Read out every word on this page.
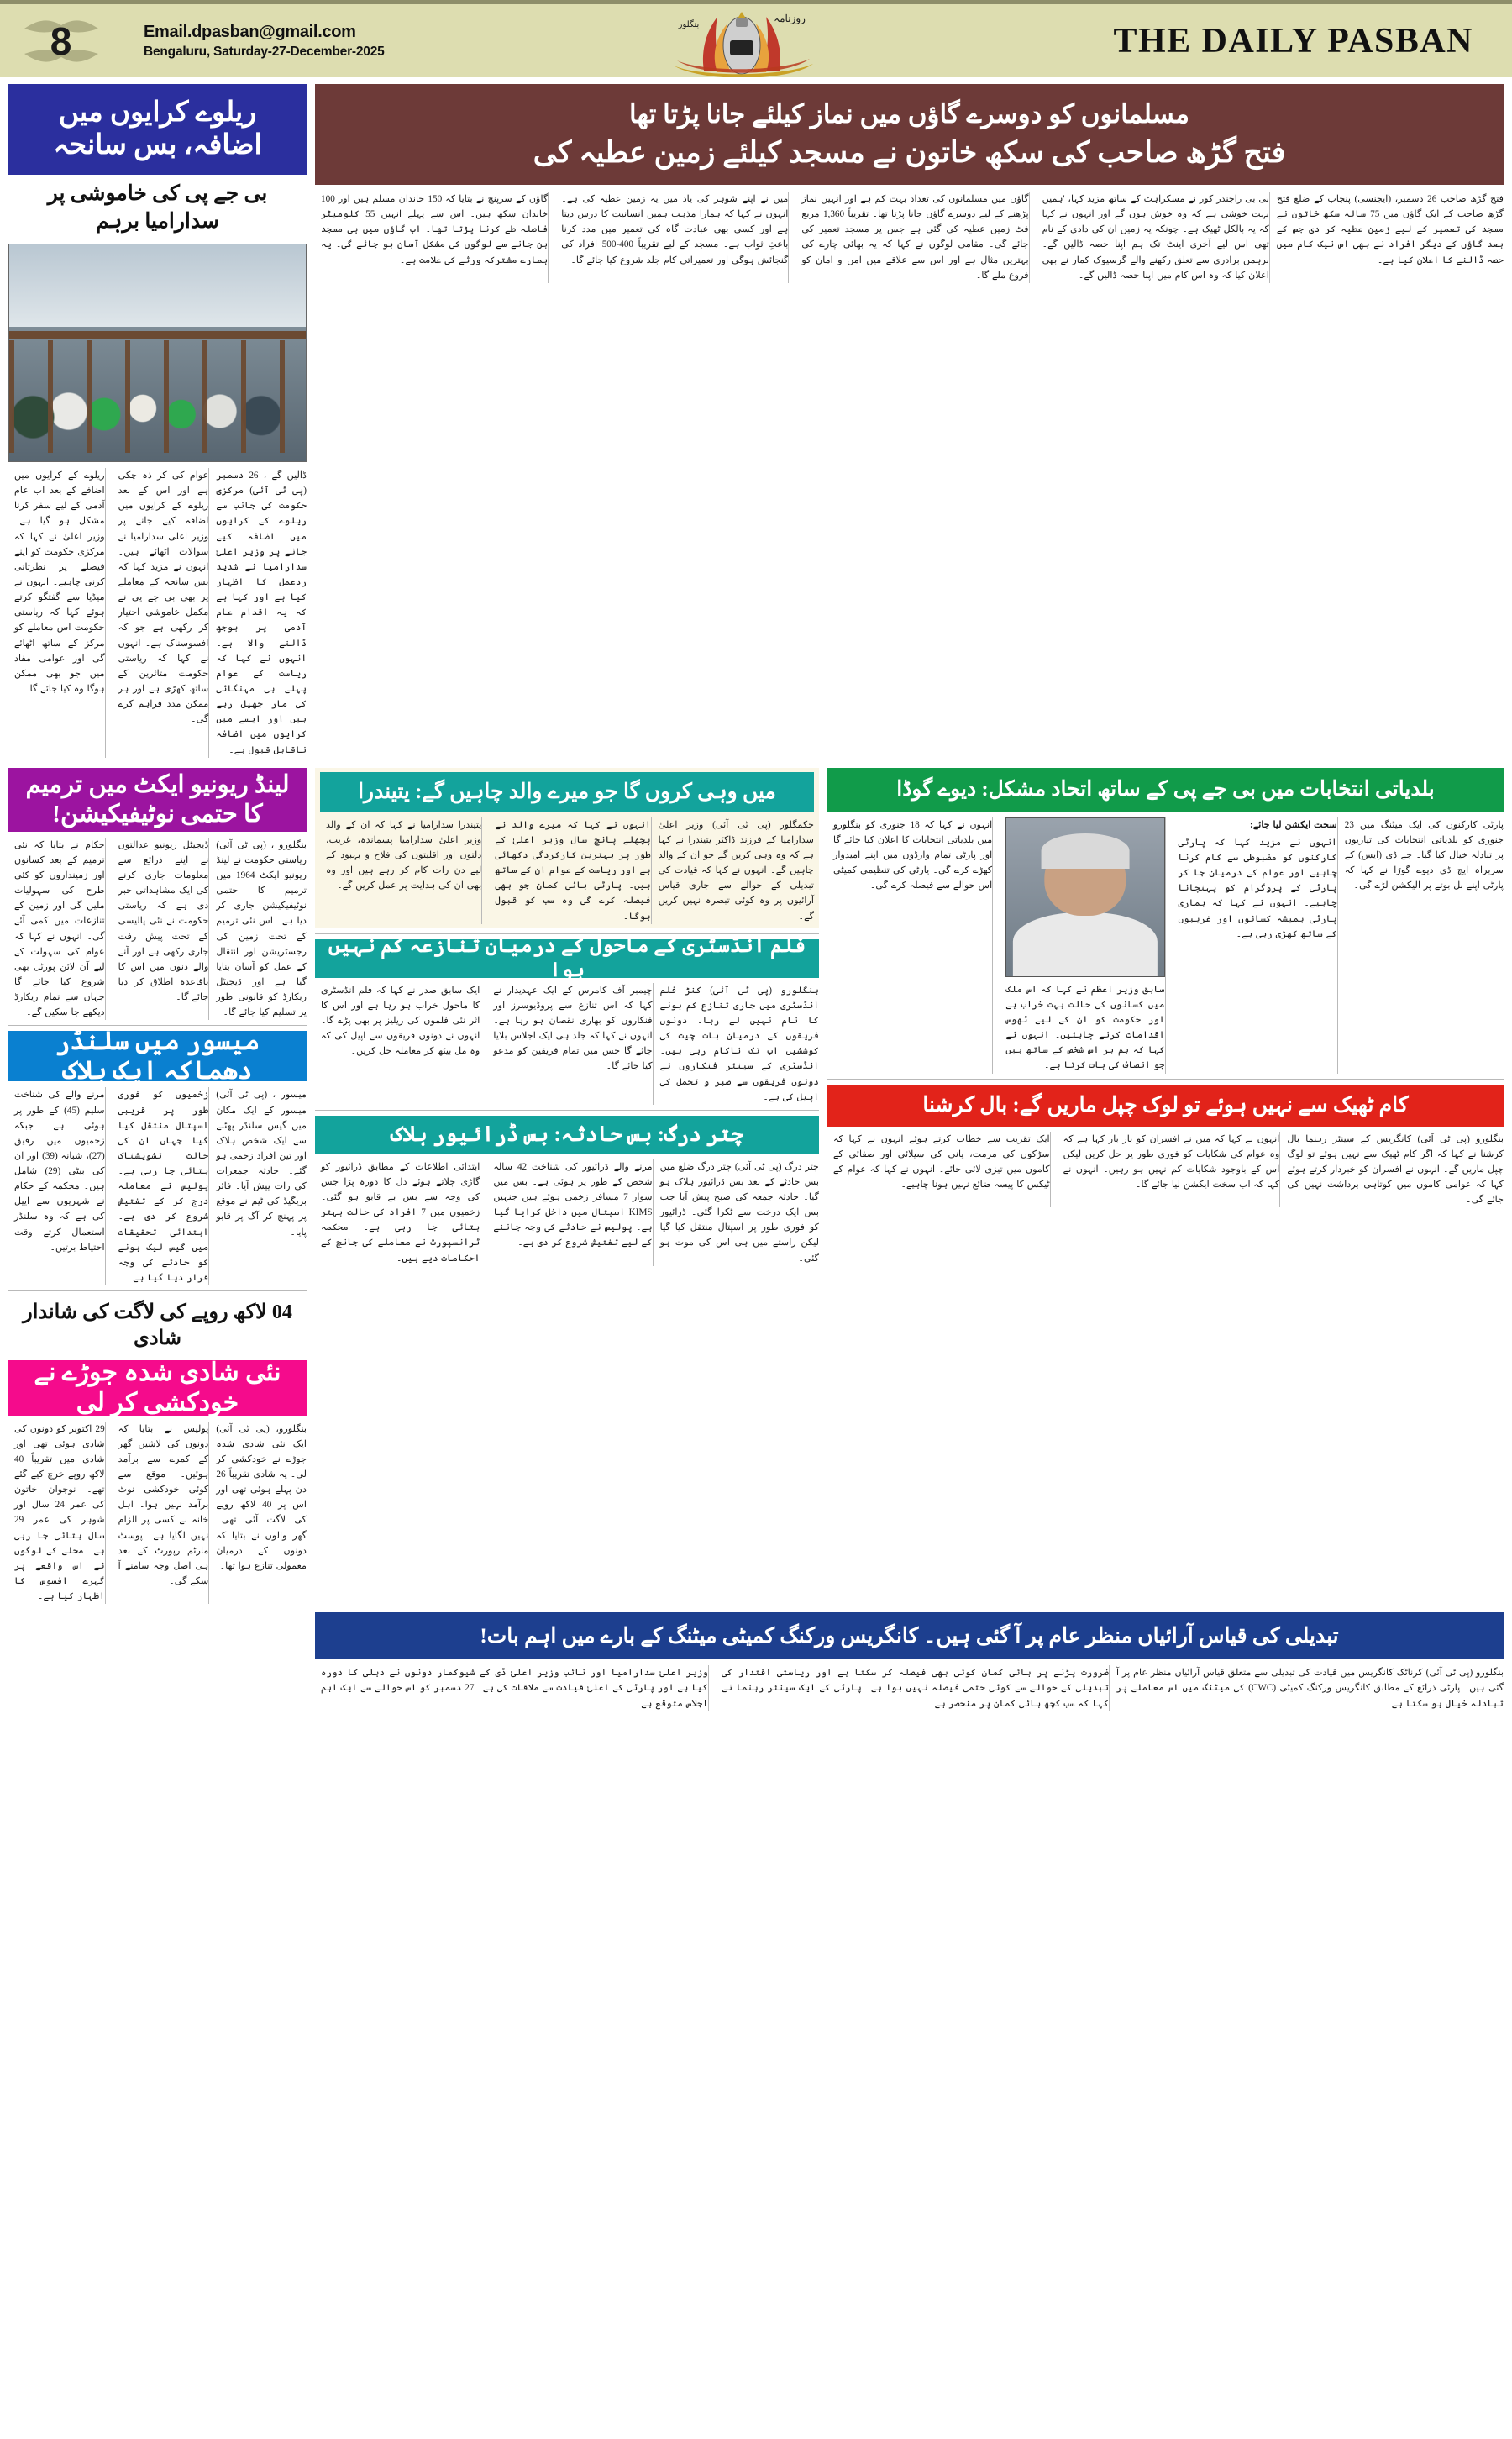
8	Email.dpasban@gmail.com
Bengaluru, Saturday-27-December-2025
روزنامہ
بنگلور	THE DAILY PASBAN
ریلوے کرایوں میں اضافہ، بس سانحہ
بی جے پی کی خاموشی پر سدارامیا برہم
ریلوے کے کرایوں میں اضافے کے بعد اب عام آدمی کے لیے سفر کرنا مشکل ہو گیا ہے۔ وزیر اعلیٰ نے کہا کہ مرکزی حکومت کو اپنے فیصلے پر نظرثانی کرنی چاہیے۔ انہوں نے میڈیا سے گفتگو کرتے ہوئے کہا کہ ریاستی حکومت اس معاملے کو مرکز کے ساتھ اٹھائے گی اور عوامی مفاد میں جو بھی ممکن ہوگا وہ کیا جائے گا۔
عوام کی کر ذہ چکی ہے اور اس کے بعد ریلوے کے کرایوں میں اضافہ کیے جانے پر وزیر اعلیٰ سدارامیا نے سوالات اٹھائے ہیں۔ انہوں نے مزید کہا کہ بس سانحہ کے معاملے پر بھی بی جے پی نے مکمل خاموشی اختیار کر رکھی ہے جو کہ افسوسناک ہے۔ انہوں نے کہا کہ ریاستی حکومت متاثرین کے ساتھ کھڑی ہے اور ہر ممکن مدد فراہم کرے گی۔
ڈالیں گے ، 26 دسمبر (پی ٹی آئی) مرکزی حکومت کی جانب سے ریلوے کے کرایوں میں اضافہ کیے جانے پر وزیر اعلیٰ سدارامیا نے شدید ردعمل کا اظہار کیا ہے اور کہا ہے کہ یہ اقدام عام آدمی پر بوجھ ڈالنے والا ہے۔ انہوں نے کہا کہ ریاست کے عوام پہلے ہی مہنگائی کی مار جھیل رہے ہیں اور ایسے میں کرایوں میں اضافہ ناقابل قبول ہے۔
مسلمانوں کو دوسرے گاؤں میں نماز کیلئے جانا پڑتا تھا
فتح گڑھ صاحب کی سکھ خاتون نے مسجد کیلئے زمین عطیہ کی
گاؤں کے سرپنچ نے بتایا کہ 150 خاندان مسلم ہیں اور 100 خاندان سکھ ہیں۔ اس سے پہلے انہیں 55 کلومیٹر فاصلہ طے کرنا پڑتا تھا۔ اب گاؤں میں ہی مسجد بن جانے سے لوگوں کی مشکل آسان ہو جائے گی۔ یہ ہمارے مشترکہ ورثے کی علامت ہے۔
میں نے اپنے شوہر کی یاد میں یہ زمین عطیہ کی ہے۔ انہوں نے کہا کہ ہمارا مذہب ہمیں انسانیت کا درس دیتا ہے اور کسی بھی عبادت گاہ کی تعمیر میں مدد کرنا باعثِ ثواب ہے۔ مسجد کے لیے تقریباً 400-500 افراد کی گنجائش ہوگی اور تعمیراتی کام جلد شروع کیا جائے گا۔
گاؤں میں مسلمانوں کی تعداد بہت کم ہے اور انہیں نماز پڑھنے کے لیے دوسرے گاؤں جانا پڑتا تھا۔ تقریباً 1,360 مربع فٹ زمین عطیہ کی گئی ہے جس پر مسجد تعمیر کی جائے گی۔ مقامی لوگوں نے کہا کہ یہ بھائی چارے کی بہترین مثال ہے اور اس سے علاقے میں امن و امان کو فروغ ملے گا۔
بی بی راجندر کور نے مسکراہٹ کے ساتھ مزید کہا، 'ہمیں بہت خوشی ہے کہ وہ خوش ہوں گے اور انہوں نے کہا کہ یہ بالکل ٹھیک ہے۔ چونکہ یہ زمین ان کی دادی کے نام تھی اس لیے آخری اینٹ تک ہم اپنا حصہ ڈالیں گے۔ برہمن برادری سے تعلق رکھنے والے گرسیوک کمار نے بھی اعلان کیا کہ وہ اس کام میں اپنا حصہ ڈالیں گے۔
فتح گڑھ صاحب 26 دسمبر، (ایجنسی) پنجاب کے ضلع فتح گڑھ صاحب کے ایک گاؤں میں 75 سالہ سکھ خاتون نے مسجد کی تعمیر کے لیے زمین عطیہ کر دی جس کے بعد گاؤں کے دیگر افراد نے بھی اس نیک کام میں حصہ ڈالنے کا اعلان کیا ہے۔
لینڈ ریونیو ایکٹ میں ترمیم کا حتمی نوٹیفیکیشن!
حکام نے بتایا کہ نئی ترمیم کے بعد کسانوں اور زمینداروں کو کئی طرح کی سہولیات ملیں گی اور زمین کے تنازعات میں کمی آئے گی۔ انہوں نے کہا کہ عوام کی سہولت کے لیے آن لائن پورٹل بھی شروع کیا جائے گا جہاں سے تمام ریکارڈ دیکھے جا سکیں گے۔
ڈیجیٹل ریونیو عدالتوں نے اپنے ذرائع سے معلومات جاری کرنے کی ایک مشاہداتی خبر دی ہے کہ ریاستی حکومت نے نئی پالیسی کے تحت پیش رفت جاری رکھی ہے اور آنے والے دنوں میں اس کا باقاعدہ اطلاق کر دیا جائے گا۔
بنگلورو ، (پی ٹی آئی) ریاستی حکومت نے لینڈ ریونیو ایکٹ 1964 میں ترمیم کا حتمی نوٹیفیکیشن جاری کر دیا ہے۔ اس نئی ترمیم کے تحت زمین کی رجسٹریشن اور انتقال کے عمل کو آسان بنایا گیا ہے اور ڈیجیٹل ریکارڈ کو قانونی طور پر تسلیم کیا جائے گا۔
میسور میں سلنڈر دھماکہ ایک ہلاک
مرنے والے کی شناخت سلیم (45) کے طور پر ہوئی ہے جبکہ زخمیوں میں رفیق (27)، شبانہ (39) اور ان کی بیٹی (29) شامل ہیں۔ محکمہ کے حکام نے شہریوں سے اپیل کی ہے کہ وہ سلنڈر استعمال کرتے وقت احتیاط برتیں۔
زخمیوں کو فوری طور پر قریبی اسپتال منتقل کیا گیا جہاں ان کی حالت تشویشناک بتائی جا رہی ہے۔ پولیس نے معاملہ درج کر کے تفتیش شروع کر دی ہے۔ ابتدائی تحقیقات میں گیس لیک ہونے کو حادثے کی وجہ قرار دیا گیا ہے۔
میسور ، (پی ٹی آئی) میسور کے ایک مکان میں گیس سلنڈر پھٹنے سے ایک شخص ہلاک اور تین افراد زخمی ہو گئے۔ حادثہ جمعرات کی رات پیش آیا۔ فائر بریگیڈ کی ٹیم نے موقع پر پہنچ کر آگ پر قابو پایا۔
40 لاکھ روپے کی لاگت کی شاندار شادی
نئی شادی شدہ جوڑے نے خودکشی کر لی
29 اکتوبر کو دونوں کی شادی ہوئی تھی اور شادی میں تقریباً 40 لاکھ روپے خرچ کیے گئے تھے۔ نوجوان خاتون کی عمر 24 سال اور شوہر کی عمر 29 سال بتائی جا رہی ہے۔ محلے کے لوگوں نے اس واقعے پر گہرے افسوس کا اظہار کیا ہے۔
پولیس نے بتایا کہ دونوں کی لاشیں گھر کے کمرے سے برآمد ہوئیں۔ موقع سے کوئی خودکشی نوٹ برآمد نہیں ہوا۔ اہل خانہ نے کسی پر الزام نہیں لگایا ہے۔ پوسٹ مارٹم رپورٹ کے بعد ہی اصل وجہ سامنے آ سکے گی۔
بنگلورو، (پی ٹی آئی) ایک نئی شادی شدہ جوڑے نے خودکشی کر لی۔ یہ شادی تقریباً 26 دن پہلے ہوئی تھی اور اس پر 40 لاکھ روپے کی لاگت آئی تھی۔ گھر والوں نے بتایا کہ دونوں کے درمیان معمولی تنازع ہوا تھا۔
میں وہی کروں گا جو میرے والد چاہیں گے: یتیندرا
یتیندرا سدارامیا نے کہا کہ ان کے والد وزیر اعلیٰ سدارامیا پسماندہ، غریب، دلتوں اور اقلیتوں کی فلاح و بہبود کے لیے دن رات کام کر رہے ہیں اور وہ بھی ان کی ہدایت پر عمل کریں گے۔
انہوں نے کہا کہ میرے والد نے پچھلے پانچ سال وزیر اعلیٰ کے طور پر بہترین کارکردگی دکھائی ہے اور ریاست کے عوام ان کے ساتھ ہیں۔ پارٹی ہائی کمان جو بھی فیصلہ کرے گی وہ سب کو قبول ہوگا۔
چکمگلور (پی ٹی آئی) وزیر اعلیٰ سدارامیا کے فرزند ڈاکٹر یتیندرا نے کہا ہے کہ وہ وہی کریں گے جو ان کے والد چاہیں گے۔ انہوں نے کہا کہ قیادت کی تبدیلی کے حوالے سے جاری قیاس آرائیوں پر وہ کوئی تبصرہ نہیں کریں گے۔
فلم انڈسٹری کے ماحول کے درمیان تنازعہ کم نہیں ہوا
ایک سابق صدر نے کہا کہ فلم انڈسٹری کا ماحول خراب ہو رہا ہے اور اس کا اثر نئی فلموں کی ریلیز پر بھی پڑے گا۔ انہوں نے دونوں فریقوں سے اپیل کی کہ وہ مل بیٹھ کر معاملہ حل کریں۔
چیمبر آف کامرس کے ایک عہدیدار نے کہا کہ اس تنازع سے پروڈیوسرز اور فنکاروں کو بھاری نقصان ہو رہا ہے۔ انہوں نے کہا کہ جلد ہی ایک اجلاس بلایا جائے گا جس میں تمام فریقین کو مدعو کیا جائے گا۔
بنگلورو (پی ٹی آئی) کنڑ فلم انڈسٹری میں جاری تنازع کم ہونے کا نام نہیں لے رہا۔ دونوں فریقوں کے درمیان بات چیت کی کوششیں اب تک ناکام رہی ہیں۔ انڈسٹری کے سینئر فنکاروں نے دونوں فریقوں سے صبر و تحمل کی اپیل کی ہے۔
چتر درگ: بس حادثہ: بس ڈرائیور ہلاک
ابتدائی اطلاعات کے مطابق ڈرائیور کو گاڑی چلاتے ہوئے دل کا دورہ پڑا جس کی وجہ سے بس بے قابو ہو گئی۔ زخمیوں میں 7 افراد کی حالت بہتر بتائی جا رہی ہے۔ محکمہ ٹرانسپورٹ نے معاملے کی جانچ کے احکامات دیے ہیں۔
مرنے والے ڈرائیور کی شناخت 42 سالہ شخص کے طور پر ہوئی ہے۔ بس میں سوار 7 مسافر زخمی ہوئے ہیں جنہیں KIMS اسپتال میں داخل کرایا گیا ہے۔ پولیس نے حادثے کی وجہ جاننے کے لیے تفتیش شروع کر دی ہے۔
چتر درگ (پی ٹی آئی) چتر درگ ضلع میں بس حادثے کے بعد بس ڈرائیور ہلاک ہو گیا۔ حادثہ جمعہ کی صبح پیش آیا جب بس ایک درخت سے ٹکرا گئی۔ ڈرائیور کو فوری طور پر اسپتال منتقل کیا گیا لیکن راستے میں ہی اس کی موت ہو گئی۔
بلدیاتی انتخابات میں بی جے پی کے ساتھ اتحاد مشکل: دیوے گوڈا
انہوں نے کہا کہ 18 جنوری کو بنگلورو میں بلدیاتی انتخابات کا اعلان کیا جائے گا اور پارٹی تمام وارڈوں میں اپنے امیدوار کھڑے کرے گی۔ پارٹی کی تنظیمی کمیٹی اس حوالے سے فیصلہ کرے گی۔
سابق وزیر اعظم نے کہا کہ اس ملک میں کسانوں کی حالت بہت خراب ہے اور حکومت کو ان کے لیے ٹھوس اقدامات کرنے چاہئیں۔ انہوں نے کہا کہ ہم ہر اس شخص کے ساتھ ہیں جو انصاف کی بات کرتا ہے۔
سخت ایکشن لیا جائے:
انہوں نے مزید کہا کہ پارٹی کارکنوں کو مضبوطی سے کام کرنا چاہیے اور عوام کے درمیان جا کر پارٹی کے پروگرام کو پہنچانا چاہیے۔ انہوں نے کہا کہ ہماری پارٹی ہمیشہ کسانوں اور غریبوں کے ساتھ کھڑی رہی ہے۔
پارٹی کارکنوں کی ایک میٹنگ میں 23 جنوری کو بلدیاتی انتخابات کی تیاریوں پر تبادلہ خیال کیا گیا۔ جے ڈی (ایس) کے سربراہ ایچ ڈی دیوے گوڑا نے کہا کہ پارٹی اپنے بل بوتے پر الیکشن لڑے گی۔
کام ٹھیک سے نہیں ہوئے تو لوک چپل ماریں گے: بال کرشنا
ایک تقریب سے خطاب کرتے ہوئے انہوں نے کہا کہ سڑکوں کی مرمت، پانی کی سپلائی اور صفائی کے کاموں میں تیزی لائی جائے۔ انہوں نے کہا کہ عوام کے ٹیکس کا پیسہ ضائع نہیں ہونا چاہیے۔
انہوں نے کہا کہ میں نے افسران کو بار بار کہا ہے کہ وہ عوام کی شکایات کو فوری طور پر حل کریں لیکن اس کے باوجود شکایات کم نہیں ہو رہیں۔ انہوں نے کہا کہ اب سخت ایکشن لیا جائے گا۔
بنگلورو (پی ٹی آئی) کانگریس کے سینئر رہنما بال کرشنا نے کہا کہ اگر کام ٹھیک سے نہیں ہوئے تو لوگ چپل ماریں گے۔ انہوں نے افسران کو خبردار کرتے ہوئے کہا کہ عوامی کاموں میں کوتاہی برداشت نہیں کی جائے گی۔
تبدیلی کی قیاس آرائیاں منظر عام پر آ گئی ہیں۔ کانگریس ورکنگ کمیٹی میٹنگ کے بارے میں اہم بات!
وزیر اعلیٰ سدارامیا اور نائب وزیر اعلیٰ ڈی کے شیوکمار دونوں نے دہلی کا دورہ کیا ہے اور پارٹی کے اعلیٰ قیادت سے ملاقات کی ہے۔ 27 دسمبر کو اس حوالے سے ایک اہم اجلاس متوقع ہے۔
ضرورت پڑنے پر ہائی کمان کوئی بھی فیصلہ کر سکتا ہے اور ریاستی اقتدار کی تبدیلی کے حوالے سے کوئی حتمی فیصلہ نہیں ہوا ہے۔ پارٹی کے ایک سینئر رہنما نے کہا کہ سب کچھ ہائی کمان پر منحصر ہے۔
بنگلورو (پی ٹی آئی) کرناٹک کانگریس میں قیادت کی تبدیلی سے متعلق قیاس آرائیاں منظر عام پر آ گئی ہیں۔ پارٹی ذرائع کے مطابق کانگریس ورکنگ کمیٹی (CWC) کی میٹنگ میں اس معاملے پر تبادلہ خیال ہو سکتا ہے۔
